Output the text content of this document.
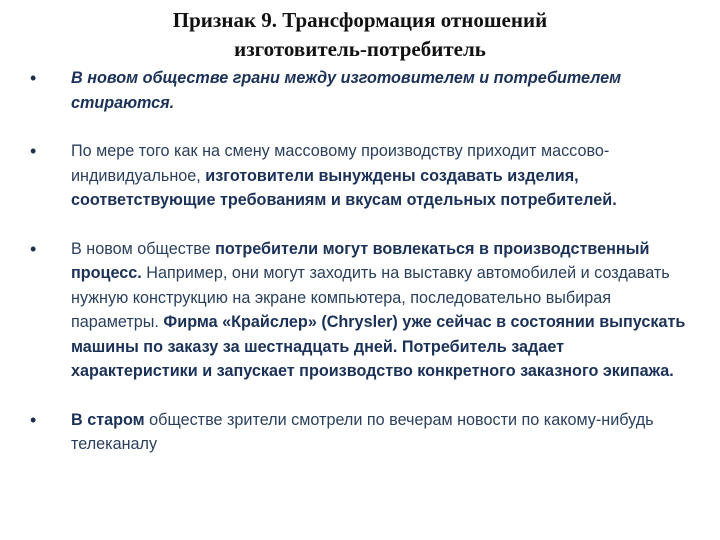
Признак 9. Трансформация отношений
изготовитель-потребитель
•	В новом обществе грани между изготовителем и потребителем стираются.
•	По мере того как на смену массовому производству приходит массово-индивидуальное, изготовители вынуждены создавать изделия, соответствующие требованиям и вкусам отдельных потребителей.
•	В новом обществе потребители могут вовлекаться в производственный процесс. Например, они могут заходить на выставку автомобилей и создавать нужную конструкцию на экране компьютера, последовательно выбирая параметры. Фирма «Крайслер» (Chrysler) уже сейчас в состоянии выпускать машины по заказу за шестнадцать дней. Потребитель задает характеристики и запускает производство конкретного заказного экипажа.
•	В старом обществе зрители смотрели по вечерам новости по какому-нибудь телеканалу
